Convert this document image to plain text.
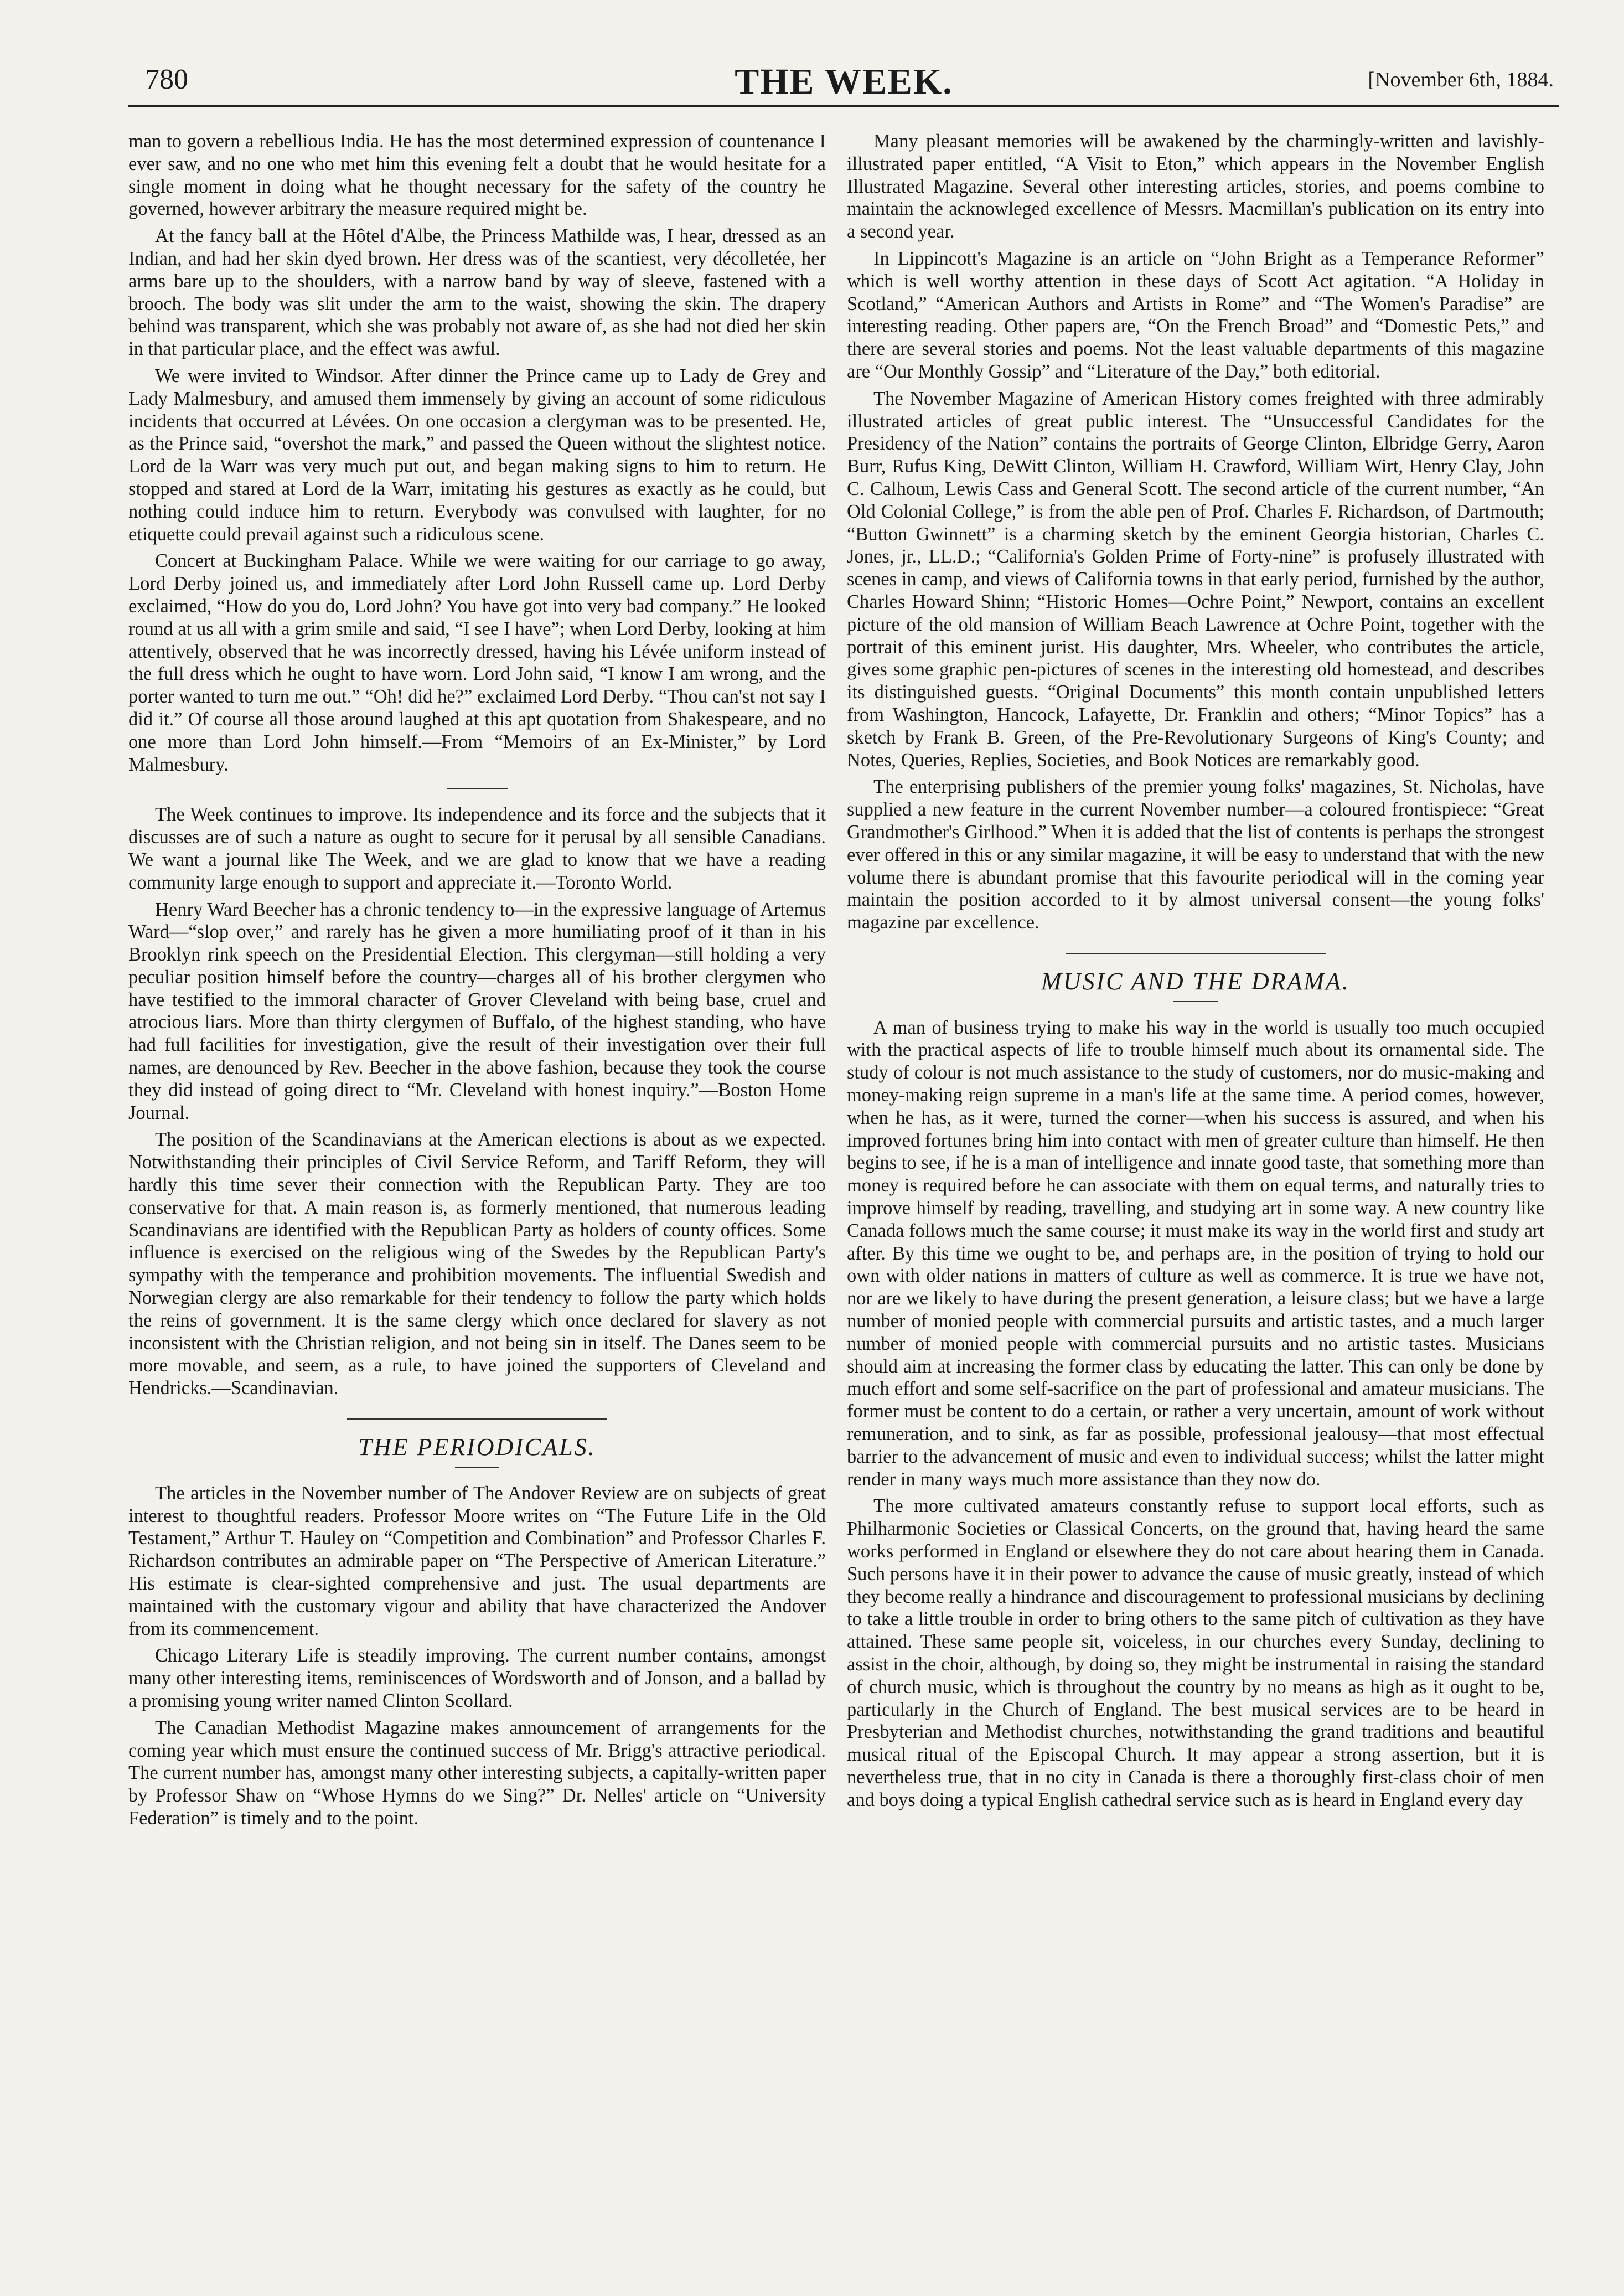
780	THE WEEK.	[November 6th, 1884.

man to govern a rebellious India. He has the most determined expression of countenance I ever saw, and no one who met him this evening felt a doubt that he would hesitate for a single moment in doing what he thought necessary for the safety of the country he governed, however arbitrary the measure required might be.

At the fancy ball at the Hôtel d'Albe, the Princess Mathilde was, I hear, dressed as an Indian, and had her skin dyed brown. Her dress was of the scantiest, very décolletée, her arms bare up to the shoulders, with a narrow band by way of sleeve, fastened with a brooch. The body was slit under the arm to the waist, showing the skin. The drapery behind was transparent, which she was probably not aware of, as she had not died her skin in that particular place, and the effect was awful.

We were invited to Windsor. After dinner the Prince came up to Lady de Grey and Lady Malmesbury, and amused them immensely by giving an account of some ridiculous incidents that occurred at Lévées. On one occasion a clergyman was to be presented. He, as the Prince said, “overshot the mark,” and passed the Queen without the slightest notice. Lord de la Warr was very much put out, and began making signs to him to return. He stopped and stared at Lord de la Warr, imitating his gestures as exactly as he could, but nothing could induce him to return. Everybody was convulsed with laughter, for no etiquette could prevail against such a ridiculous scene.

Concert at Buckingham Palace. While we were waiting for our carriage to go away, Lord Derby joined us, and immediately after Lord John Russell came up. Lord Derby exclaimed, “How do you do, Lord John? You have got into very bad company.” He looked round at us all with a grim smile and said, “I see I have”; when Lord Derby, looking at him attentively, observed that he was incorrectly dressed, having his Lévée uniform instead of the full dress which he ought to have worn. Lord John said, “I know I am wrong, and the porter wanted to turn me out.” “Oh! did he?” exclaimed Lord Derby. “Thou can'st not say I did it.” Of course all those around laughed at this apt quotation from Shakespeare, and no one more than Lord John himself.—From “Memoirs of an Ex-Minister,” by Lord Malmesbury.

The Week continues to improve. Its independence and its force and the subjects that it discusses are of such a nature as ought to secure for it perusal by all sensible Canadians. We want a journal like The Week, and we are glad to know that we have a reading community large enough to support and appreciate it.—Toronto World.

Henry Ward Beecher has a chronic tendency to—in the expressive language of Artemus Ward—“slop over,” and rarely has he given a more humiliating proof of it than in his Brooklyn rink speech on the Presidential Election. This clergyman—still holding a very peculiar position himself before the country—charges all of his brother clergymen who have testified to the immoral character of Grover Cleveland with being base, cruel and atrocious liars. More than thirty clergymen of Buffalo, of the highest standing, who have had full facilities for investigation, give the result of their investigation over their full names, are denounced by Rev. Beecher in the above fashion, because they took the course they did instead of going direct to “Mr. Cleveland with honest inquiry.”—Boston Home Journal.

The position of the Scandinavians at the American elections is about as we expected. Notwithstanding their principles of Civil Service Reform, and Tariff Reform, they will hardly this time sever their connection with the Republican Party. They are too conservative for that. A main reason is, as formerly mentioned, that numerous leading Scandinavians are identified with the Republican Party as holders of county offices. Some influence is exercised on the religious wing of the Swedes by the Republican Party's sympathy with the temperance and prohibition movements. The influential Swedish and Norwegian clergy are also remarkable for their tendency to follow the party which holds the reins of government. It is the same clergy which once declared for slavery as not inconsistent with the Christian religion, and not being sin in itself. The Danes seem to be more movable, and seem, as a rule, to have joined the supporters of Cleveland and Hendricks.—Scandinavian.

THE PERIODICALS.

The articles in the November number of The Andover Review are on subjects of great interest to thoughtful readers. Professor Moore writes on “The Future Life in the Old Testament,” Arthur T. Hauley on “Competition and Combination” and Professor Charles F. Richardson contributes an admirable paper on “The Perspective of American Literature.” His estimate is clear-sighted comprehensive and just. The usual departments are maintained with the customary vigour and ability that have characterized the Andover from its commencement.

Chicago Literary Life is steadily improving. The current number contains, amongst many other interesting items, reminiscences of Wordsworth and of Jonson, and a ballad by a promising young writer named Clinton Scollard.

The Canadian Methodist Magazine makes announcement of arrangements for the coming year which must ensure the continued success of Mr. Brigg's attractive periodical. The current number has, amongst many other interesting subjects, a capitally-written paper by Professor Shaw on “Whose Hymns do we Sing?” Dr. Nelles' article on “University Federation” is timely and to the point.

Many pleasant memories will be awakened by the charmingly-written and lavishly-illustrated paper entitled, “A Visit to Eton,” which appears in the November English Illustrated Magazine. Several other interesting articles, stories, and poems combine to maintain the acknowleged excellence of Messrs. Macmillan's publication on its entry into a second year.

In Lippincott's Magazine is an article on “John Bright as a Temperance Reformer” which is well worthy attention in these days of Scott Act agitation. “A Holiday in Scotland,” “American Authors and Artists in Rome” and “The Women's Paradise” are interesting reading. Other papers are, “On the French Broad” and “Domestic Pets,” and there are several stories and poems. Not the least valuable departments of this magazine are “Our Monthly Gossip” and “Literature of the Day,” both editorial.

The November Magazine of American History comes freighted with three admirably illustrated articles of great public interest. The “Unsuccessful Candidates for the Presidency of the Nation” contains the portraits of George Clinton, Elbridge Gerry, Aaron Burr, Rufus King, DeWitt Clinton, William H. Crawford, William Wirt, Henry Clay, John C. Calhoun, Lewis Cass and General Scott. The second article of the current number, “An Old Colonial College,” is from the able pen of Prof. Charles F. Richardson, of Dartmouth; “Button Gwinnett” is a charming sketch by the eminent Georgia historian, Charles C. Jones, jr., LL.D.; “California's Golden Prime of Forty-nine” is profusely illustrated with scenes in camp, and views of California towns in that early period, furnished by the author, Charles Howard Shinn; “Historic Homes—Ochre Point,” Newport, contains an excellent picture of the old mansion of William Beach Lawrence at Ochre Point, together with the portrait of this eminent jurist. His daughter, Mrs. Wheeler, who contributes the article, gives some graphic pen-pictures of scenes in the interesting old homestead, and describes its distinguished guests. “Original Documents” this month contain unpublished letters from Washington, Hancock, Lafayette, Dr. Franklin and others; “Minor Topics” has a sketch by Frank B. Green, of the Pre-Revolutionary Surgeons of King's County; and Notes, Queries, Replies, Societies, and Book Notices are remarkably good.

The enterprising publishers of the premier young folks' magazines, St. Nicholas, have supplied a new feature in the current November number—a coloured frontispiece: “Great Grandmother's Girlhood.” When it is added that the list of contents is perhaps the strongest ever offered in this or any similar magazine, it will be easy to understand that with the new volume there is abundant promise that this favourite periodical will in the coming year maintain the position accorded to it by almost universal consent—the young folks' magazine par excellence.

MUSIC AND THE DRAMA.

A man of business trying to make his way in the world is usually too much occupied with the practical aspects of life to trouble himself much about its ornamental side. The study of colour is not much assistance to the study of customers, nor do music-making and money-making reign supreme in a man's life at the same time. A period comes, however, when he has, as it were, turned the corner—when his success is assured, and when his improved fortunes bring him into contact with men of greater culture than himself. He then begins to see, if he is a man of intelligence and innate good taste, that something more than money is required before he can associate with them on equal terms, and naturally tries to improve himself by reading, travelling, and studying art in some way. A new country like Canada follows much the same course; it must make its way in the world first and study art after. By this time we ought to be, and perhaps are, in the position of trying to hold our own with older nations in matters of culture as well as commerce. It is true we have not, nor are we likely to have during the present generation, a leisure class; but we have a large number of monied people with commercial pursuits and artistic tastes, and a much larger number of monied people with commercial pursuits and no artistic tastes. Musicians should aim at increasing the former class by educating the latter. This can only be done by much effort and some self-sacrifice on the part of professional and amateur musicians. The former must be content to do a certain, or rather a very uncertain, amount of work without remuneration, and to sink, as far as possible, professional jealousy—that most effectual barrier to the advancement of music and even to individual success; whilst the latter might render in many ways much more assistance than they now do.

The more cultivated amateurs constantly refuse to support local efforts, such as Philharmonic Societies or Classical Concerts, on the ground that, having heard the same works performed in England or elsewhere they do not care about hearing them in Canada. Such persons have it in their power to advance the cause of music greatly, instead of which they become really a hindrance and discouragement to professional musicians by declining to take a little trouble in order to bring others to the same pitch of cultivation as they have attained. These same people sit, voiceless, in our churches every Sunday, declining to assist in the choir, although, by doing so, they might be instrumental in raising the standard of church music, which is throughout the country by no means as high as it ought to be, particularly in the Church of England. The best musical services are to be heard in Presbyterian and Methodist churches, notwithstanding the grand traditions and beautiful musical ritual of the Episcopal Church. It may appear a strong assertion, but it is nevertheless true, that in no city in Canada is there a thoroughly first-class choir of men and boys doing a typical English cathedral service such as is heard in England every day
